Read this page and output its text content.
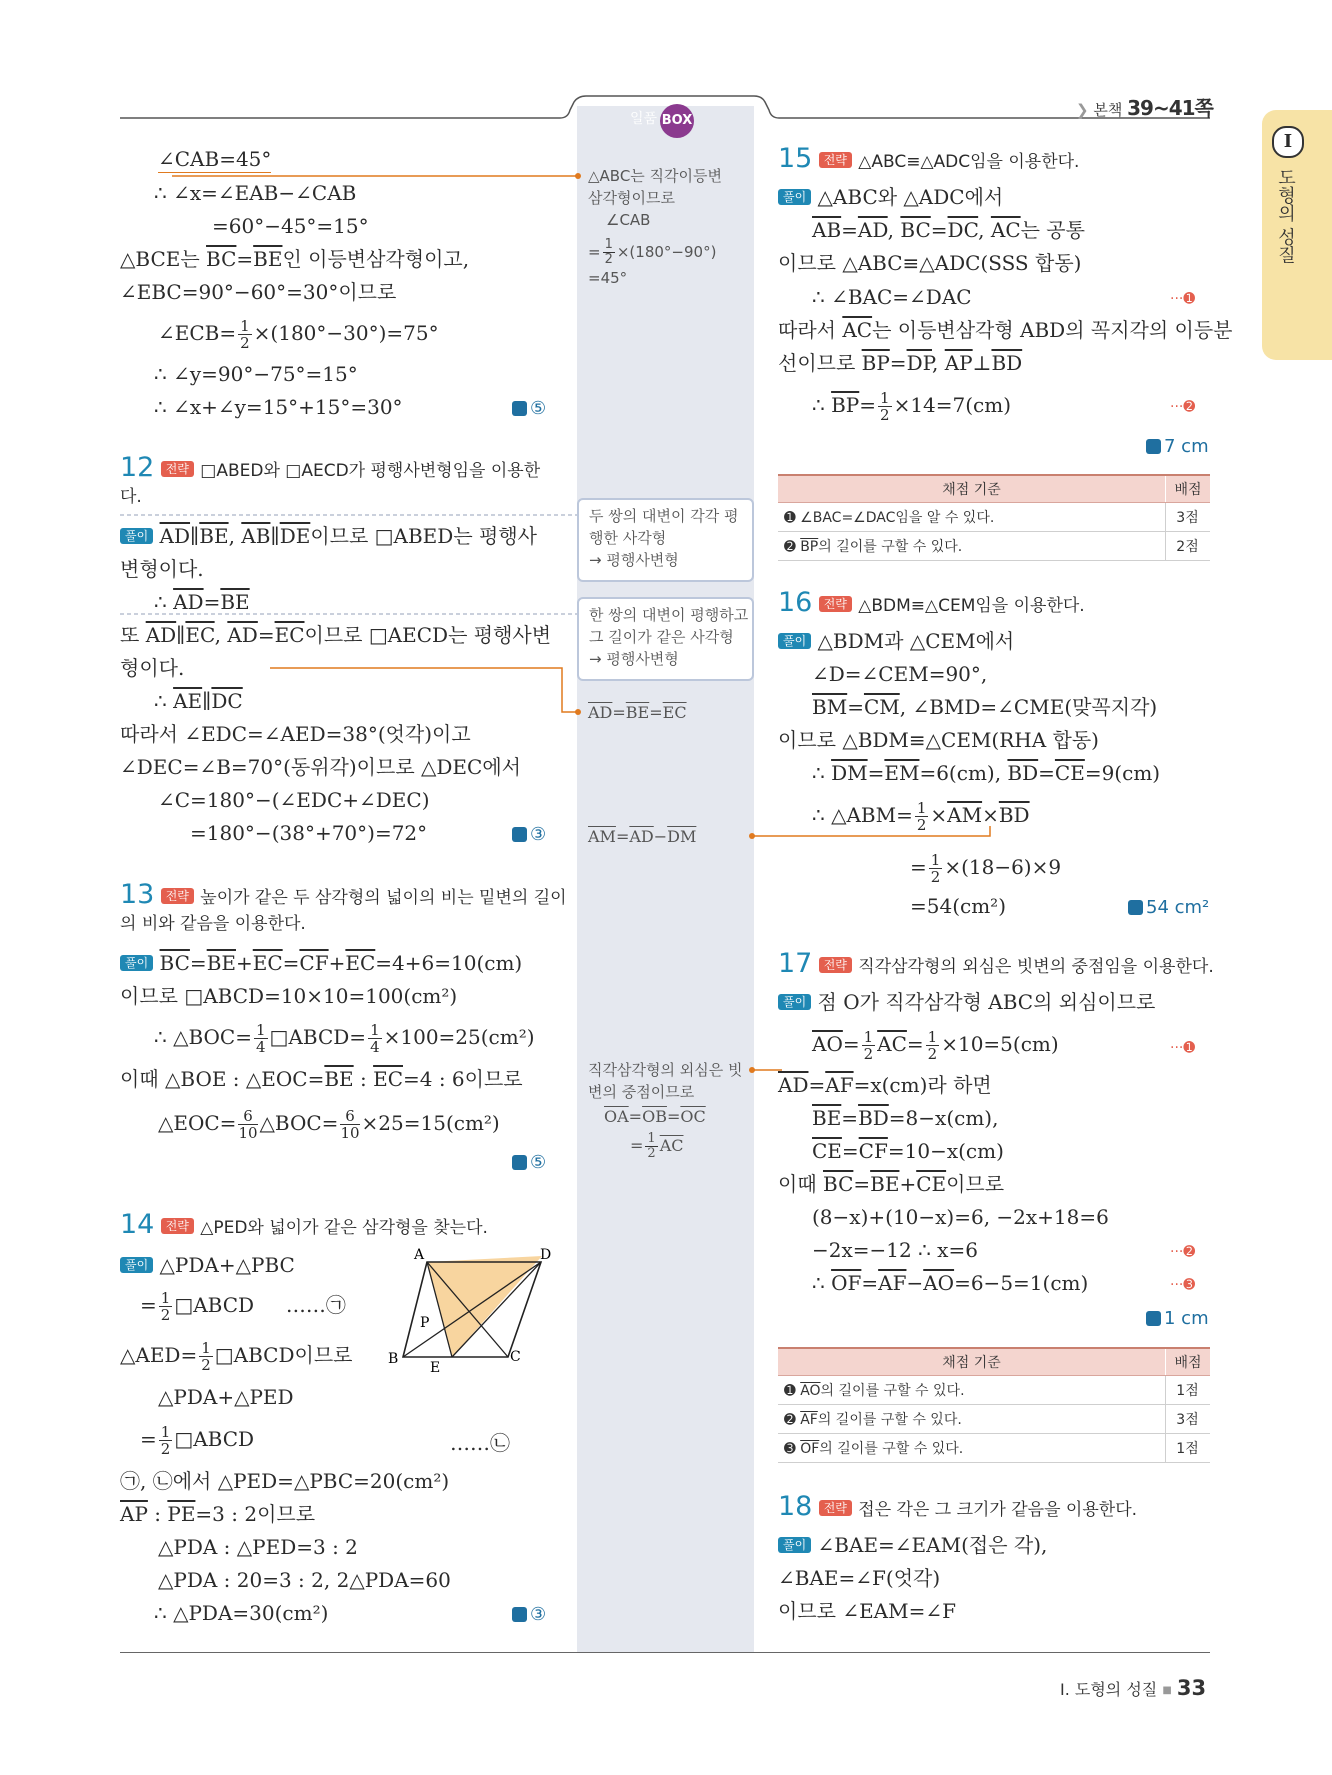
일품 BOX
❯ 본책 39~41쪽
I
도형의 성질
∠CAB=45°
∴ ∠x=∠EAB−∠CAB
=60°−45°=15°
△BCE는 $\overline{BC}=\overline{BE}$인 이등변삼각형이고,
∠EBC=90°−60°=30°이므로
∠ECB= $\frac{1}{2} \times(180^\circ-30^\circ)=75^\circ$
∴ ∠y=90°−75°=15°
∴ ∠x+∠y=15°+15°=30°	⑤
12 전략 □ABED와 □AECD가 평행사변형임을 이용한
다.
풀이 $\overline{AD}\parallel\overline{BE}$, $\overline{AB}\parallel\overline{DE}$이므로 □ABED는 평행사
변형이다.
∴ $\overline{AD}=\overline{BE}$
또 $\overline{AD}\parallel\overline{EC}$, $\overline{AD}=\overline{EC}$이므로 □AECD는 평행사변
형이다.
∴ $\overline{AE}\parallel\overline{DC}$
따라서 ∠EDC=∠AED=38°(엇각)이고
∠DEC=∠B=70°(동위각)이므로 △DEC에서
∠C=180°−(∠EDC+∠DEC)
=180°−(38°+70°)=72°	③
13 전략 높이가 같은 두 삼각형의 넓이의 비는 밑변의 길이
의 비와 같음을 이용한다.
풀이 $\overline{BC}=\overline{BE}+\overline{EC}=\overline{CF}+\overline{EC}=4+6=10(cm)$
이므로 □ABCD=10×10=100(cm²)
∴ △BOC= $\frac{1}{4}$ □ABCD= $\frac{1}{4} \times 100=25(cm^2)$
이때 △BOE : $\triangle EOC=\overline{BE}$ : $\overline{EC}=4$ : 6이므로
△EOC= $\frac{6}{10}$ △BOC= $\frac{6}{10} \times 25=15(cm^2)$
⑤
14 전략 △PED와 넓이가 같은 삼각형을 찾는다.
풀이 △PDA+△PBC
= $\frac{1}{2}$ □ABCD ……㉠
△AED= $\frac{1}{2}$ □ABCD이므로
△PDA+△PED
= $\frac{1}{2}$ □ABCD	……㉡
㉠, ㉡에서 △PED=△PBC=20(cm²)
$\overline{AP}$ : $\overline{PE}=3$ : 2이므로
△PDA : △PED=3 : 2
△PDA : 20=3 : 2, 2△PDA=60
∴ △PDA=30(cm²)	③
A	D
B	C
P
E
△ABC는 직각이등변
삼각형이므로
∠CAB
= $\frac{1}{2} \times(180^\circ-90^\circ)$
=45°
두 쌍의 대변이 각각 평
행한 사각형
→ 평행사변형
한 쌍의 대변이 평행하고
그 길이가 같은 사각형
→ 평행사변형
$\overline{AD}=\overline{BE}=\overline{EC}$
$\overline{AM}=\overline{AD}-\overline{DM}$
직각삼각형의 외심은 빗
변의 중점이므로
$\overline{OA}=\overline{OB}=\overline{OC}$
= $\frac{1}{2} \overline{AC}$
15 전략 △ABC≡△ADC임을 이용한다.
풀이 △ABC와 △ADC에서
$\overline{AB}=\overline{AD}$, $\overline{BC}=\overline{DC}$, $\overline{AC}$는 공통
이므로 △ABC≡△ADC(SSS 합동)
∴ ∠BAC=∠DAC	···➊
따라서 $\overline{AC}$는 이등변삼각형 ABD의 꼭지각의 이등분
선이므로 $\overline{BP}=\overline{DP}$, $\overline{AP}\perp\overline{BD}$
∴ $\overline{BP}= \frac{1}{2} \times 14=7(cm)$	···➋
7 cm
채점 기준	배점
➊ ∠BAC=∠DAC임을 알 수 있다.	3점
➋ $\overline{BP}$의 길이를 구할 수 있다.	2점
16 전략 △BDM≡△CEM임을 이용한다.
풀이 △BDM과 △CEM에서
∠D=∠CEM=90°,
$\overline{BM}=\overline{CM}$, ∠BMD=∠CME(맞꼭지각)
이므로 △BDM≡△CEM(RHA 합동)
∴ $\overline{DM}=\overline{EM}=6(cm)$, $\overline{BD}=\overline{CE}=9(cm)$
∴ △ABM= $\frac{1}{2} \times\overline{AM}\times\overline{BD}$
= $\frac{1}{2} \times(18-6)\times 9$
=54(cm²)	54 cm²
17 전략 직각삼각형의 외심은 빗변의 중점임을 이용한다.
풀이 점 O가 직각삼각형 ABC의 외심이므로
$\overline{AO}= \frac{1}{2} \overline{AC}= \frac{1}{2} \times 10=5(cm)$	···➊
$\overline{AD}=\overline{AF}=x(cm)$라 하면
$\overline{BE}=\overline{BD}=8-x(cm)$,
$\overline{CE}=\overline{CF}=10-x(cm)$
이때 $\overline{BC}=\overline{BE}+\overline{CE}$이므로
(8−x)+(10−x)=6, −2x+18=6
−2x=−12 ∴ x=6	···➋
∴ $\overline{OF}=\overline{AF}-\overline{AO}=6-5=1(cm)$	···➌
1 cm
채점 기준	배점
➊ $\overline{AO}$의 길이를 구할 수 있다.	1점
➋ $\overline{AF}$의 길이를 구할 수 있다.	3점
➌ $\overline{OF}$의 길이를 구할 수 있다.	1점
18 전략 접은 각은 그 크기가 같음을 이용한다.
풀이 ∠BAE=∠EAM(접은 각),
∠BAE=∠F(엇각)
이므로 ∠EAM=∠F
I. 도형의 성질 ■ 33
